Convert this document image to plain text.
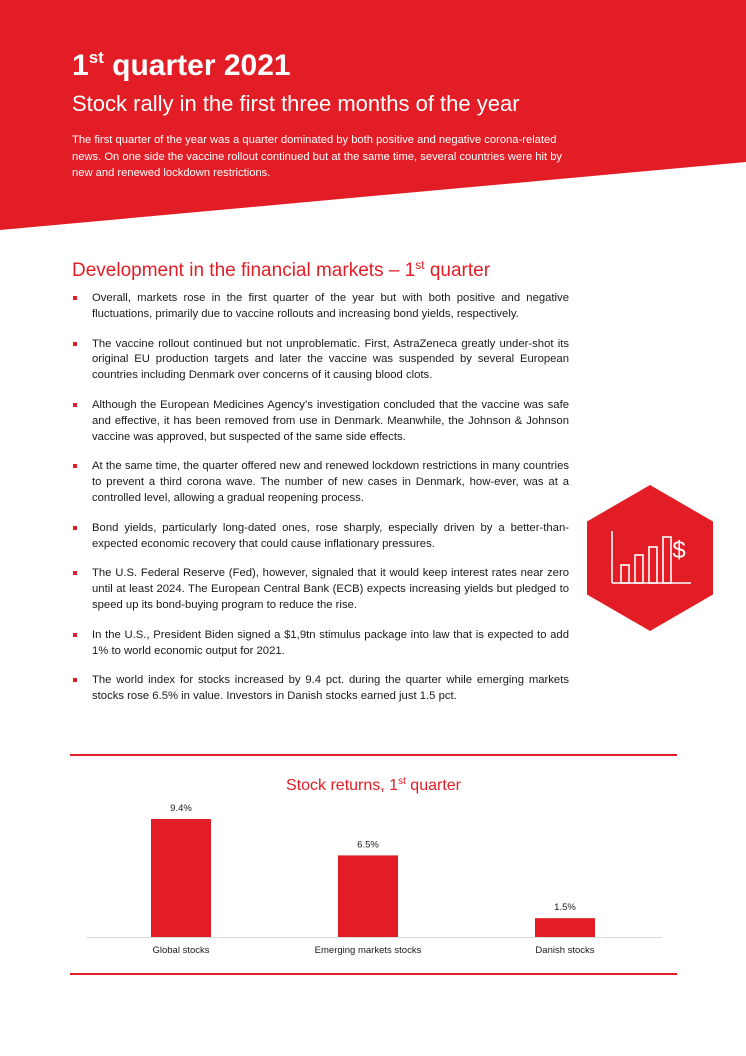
1st quarter 2021
Stock rally in the first three months of the year

The first quarter of the year was a quarter dominated by both positive and negative corona-related news. On one side the vaccine rollout continued but at the same time, several countries were hit by new and renewed lockdown restrictions.

Development in the financial markets – 1st quarter
Overall, markets rose in the first quarter of the year but with both positive and negative fluctuations, primarily due to vaccine rollouts and increasing bond yields, respectively.
The vaccine rollout continued but not unproblematic. First, AstraZeneca greatly under-shot its original EU production targets and later the vaccine was suspended by several European countries including Denmark over concerns of it causing blood clots.
Although the European Medicines Agency’s investigation concluded that the vaccine was safe and effective, it has been removed from use in Denmark. Meanwhile, the Johnson & Johnson vaccine was approved, but suspected of the same side effects.
At the same time, the quarter offered new and renewed lockdown restrictions in many countries to prevent a third corona wave. The number of new cases in Denmark, how-ever, was at a controlled level, allowing a gradual reopening process.
Bond yields, particularly long-dated ones, rose sharply, especially driven by a better-than-expected economic recovery that could cause inflationary pressures.
The U.S. Federal Reserve (Fed), however, signaled that it would keep interest rates near zero until at least 2024. The European Central Bank (ECB) expects increasing yields but pledged to speed up its bond-buying program to reduce the rise.
In the U.S., President Biden signed a $1,9tn stimulus package into law that is expected to add 1% to world economic output for 2021.
The world index for stocks increased by 9.4 pct. during the quarter while emerging markets stocks rose 6.5% in value. Investors in Danish stocks earned just 1.5 pct.
$
Stock returns, 1st quarter
9.4%
Global stocks
6.5%
Emerging markets stocks
1.5%
Danish stocks
